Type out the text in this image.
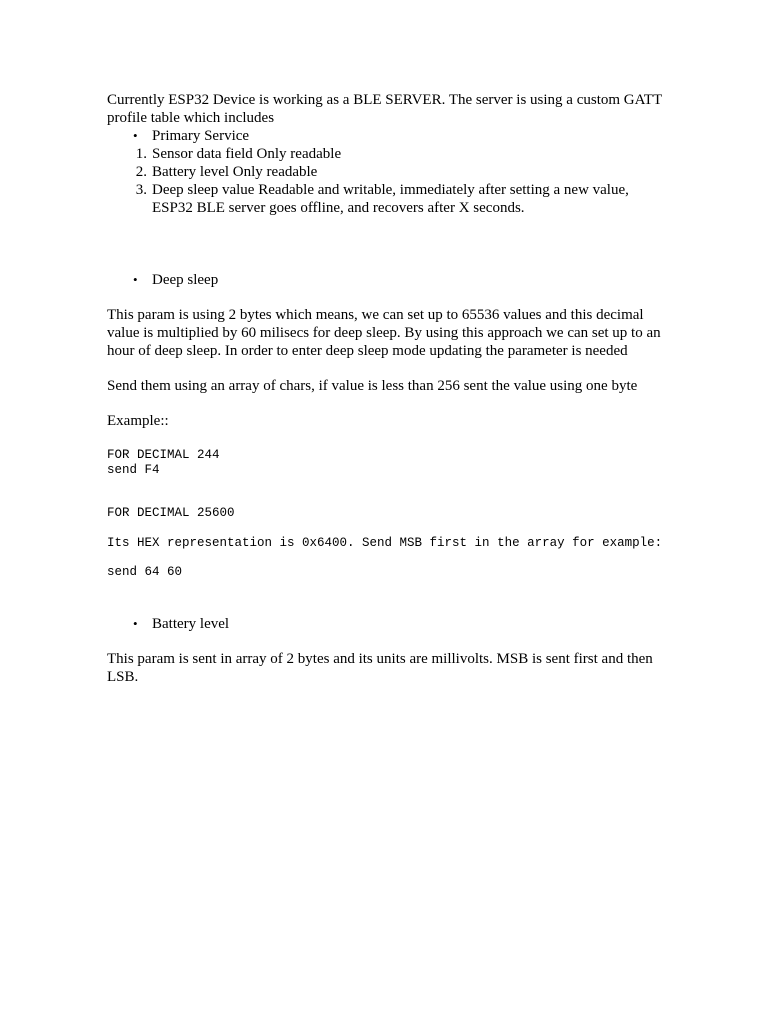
Currently ESP32 Device is working as a BLE SERVER. The server is using a custom GATT profile table which includes

• Primary Service
1. Sensor data field Only readable
2. Battery level Only readable
3. Deep sleep value Readable and writable, immediately after setting a new value, ESP32 BLE server goes offline, and recovers after X seconds.
• Deep sleep

This param is using 2 bytes which means, we can set up to 65536 values and this decimal value is multiplied by 60 milisecs for deep sleep. By using this approach we can set up to an hour of deep sleep. In order to enter deep sleep mode updating the parameter is needed

Send them using an array of chars, if value is less than 256 sent the value using one byte

Example::

FOR DECIMAL 244
send F4
FOR DECIMAL 25600
Its HEX representation is 0x6400. Send MSB first in the array for example:
send 64 60
• Battery level

This param is sent in array of 2 bytes and its units are millivolts. MSB is sent first and then LSB.
